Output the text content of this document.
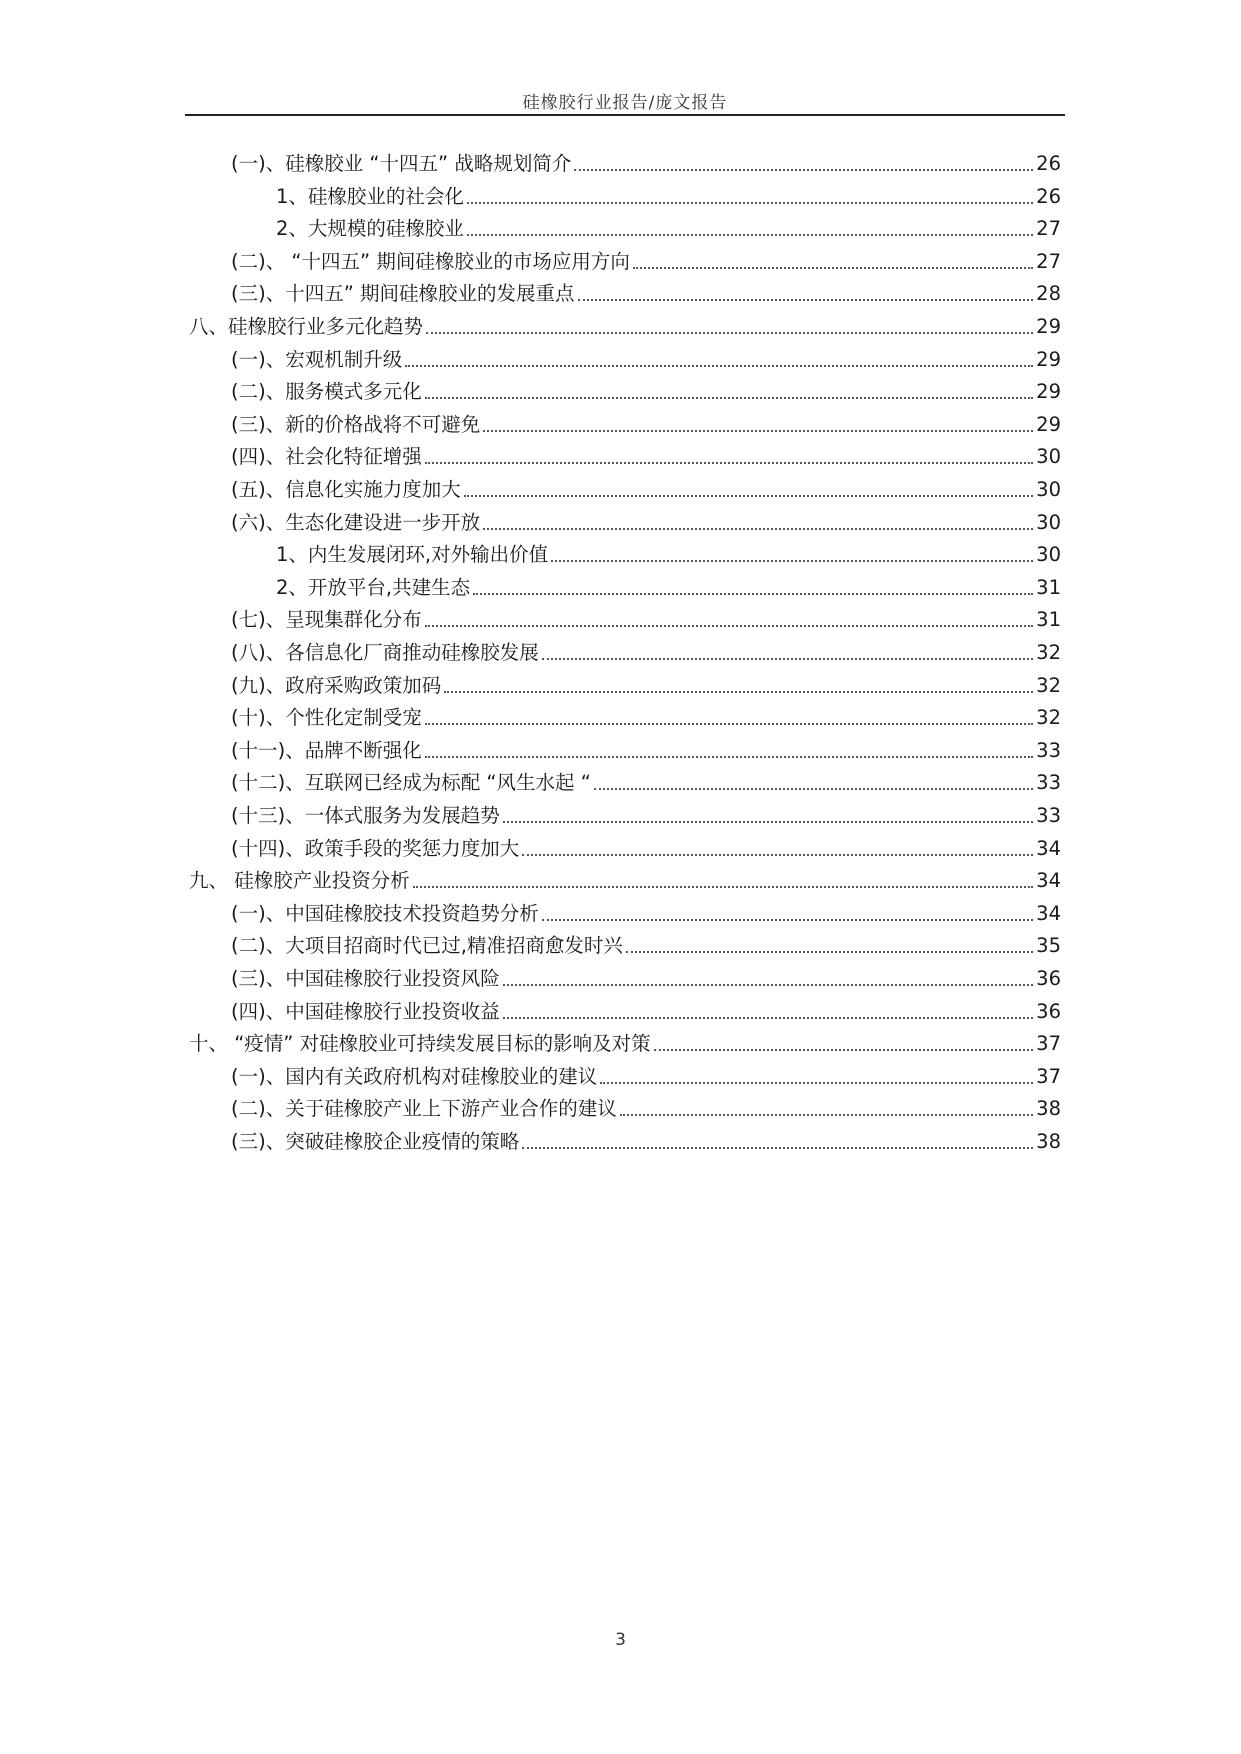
硅橡胶行业报告/庞文报告
(一)、硅橡胶业 “十四五” 战略规划简介	26
1、硅橡胶业的社会化	26
2、大规模的硅橡胶业	27
(二)、 “十四五” 期间硅橡胶业的市场应用方向	27
(三)、十四五” 期间硅橡胶业的发展重点	28
八、硅橡胶行业多元化趋势	29
(一)、宏观机制升级	29
(二)、服务模式多元化	29
(三)、新的价格战将不可避免	29
(四)、社会化特征增强	30
(五)、信息化实施力度加大	30
(六)、生态化建设进一步开放	30
1、内生发展闭环,对外输出价值	30
2、开放平台,共建生态	31
(七)、呈现集群化分布	31
(八)、各信息化厂商推动硅橡胶发展	32
(九)、政府采购政策加码	32
(十)、个性化定制受宠	32
(十一)、品牌不断强化	33
(十二)、互联网已经成为标配 “风生水起 “	33
(十三)、一体式服务为发展趋势	33
(十四)、政策手段的奖惩力度加大	34
九、 硅橡胶产业投资分析	34
(一)、中国硅橡胶技术投资趋势分析	34
(二)、大项目招商时代已过,精准招商愈发时兴	35
(三)、中国硅橡胶行业投资风险	36
(四)、中国硅橡胶行业投资收益	36
十、 “疫情” 对硅橡胶业可持续发展目标的影响及对策	37
(一)、国内有关政府机构对硅橡胶业的建议	37
(二)、关于硅橡胶产业上下游产业合作的建议	38
(三)、突破硅橡胶企业疫情的策略	38
3
